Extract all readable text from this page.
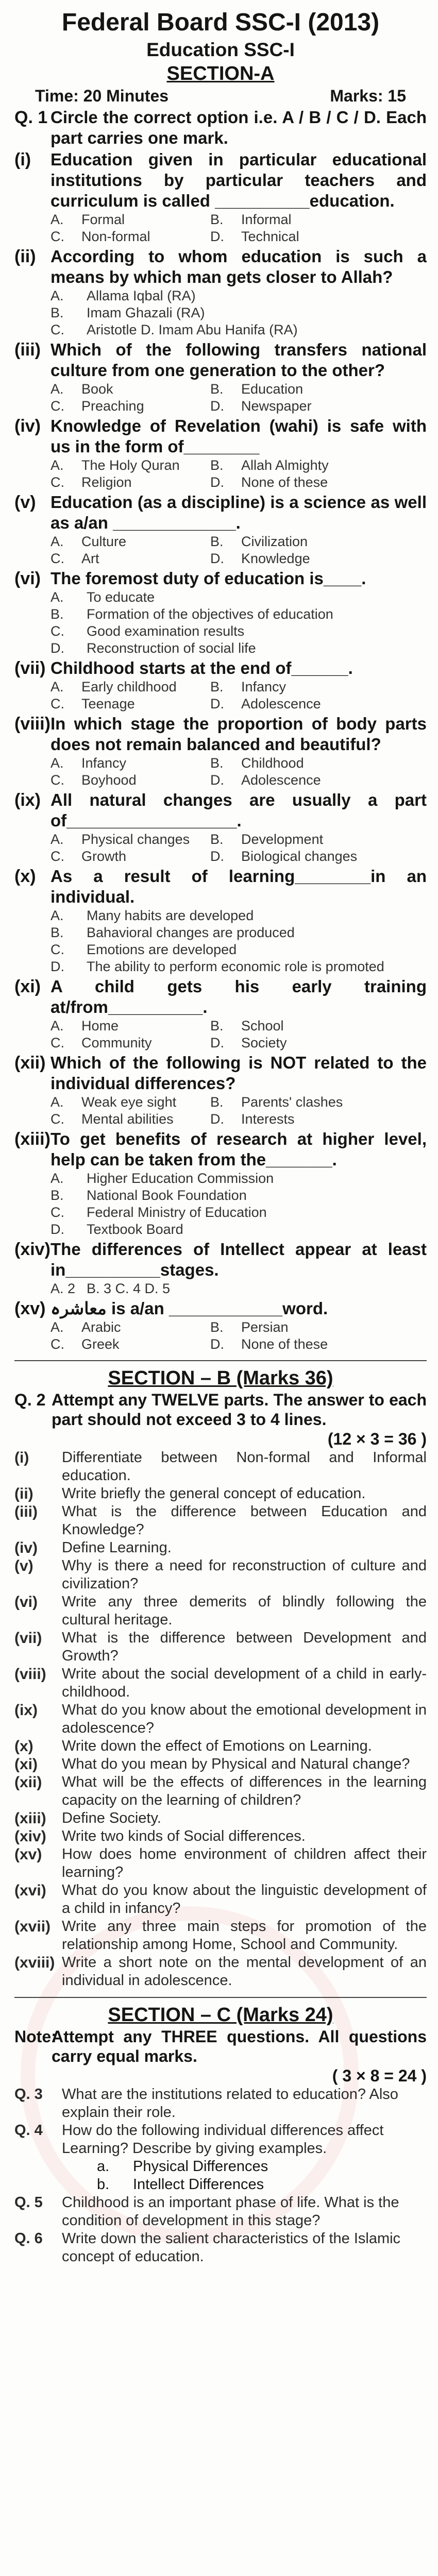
Federal Board SSC-I (2013)
Education SSC-I
SECTION-A
Time: 20 Minutes	Marks: 15
Q. 1 Circle the correct option i.e. A / B / C / D. Each part carries one mark.
(i)	Education given in particular educational institutions by particular teachers and curriculum is called __________education.
A.	Formal	B.	Informal
C.	Non-formal	D.	Technical
(ii) According to whom education is such a means by which man gets closer to Allah?
A.	Allama Iqbal (RA)
B.	Imam Ghazali (RA)
C.	Aristotle D. Imam Abu Hanifa (RA)
(iii) Which of the following transfers national culture from one generation to the other?
A.	Book	B.	Education
C.	Preaching	D.	Newspaper
(iv) Knowledge of Revelation (wahi) is safe with us in the form of________
A.	The Holy Quran	B.	Allah Almighty
C.	Religion	D.	None of these
(v) Education (as a discipline) is a science as well as a/an _____________.
A.	Culture	B.	Civilization
C.	Art	D.	Knowledge
(vi) The foremost duty of education is____.
A.	To educate
B.	Formation of the objectives of education
C.	Good examination results
D.	Reconstruction of social life
(vii) Childhood starts at the end of______.
A.	Early childhood	B.	Infancy
C.	Teenage	D.	Adolescence
(viii) In which stage the proportion of body parts does not remain balanced and beautiful?
A.	Infancy	B.	Childhood
C.	Boyhood	D.	Adolescence
(ix) All natural changes are usually a part of__________________.
A.	Physical changes	B.	Development
C.	Growth	D.	Biological changes
(x) As a result of learning________in an individual.
A.	Many habits are developed
B.	Bahavioral changes are produced
C.	Emotions are developed
D.	The ability to perform economic role is promoted
(xi) A child gets his early training at/from__________.
A.	Home	B.	School
C.	Community	D.	Society
(xii) Which of the following is NOT related to the individual differences?
A.	Weak eye sight	B.	Parents' clashes
C.	Mental abilities	D.	Interests
(xiii) To get benefits of research at higher level, help can be taken from the_______.
A.	Higher Education Commission
B.	National Book Foundation
C.	Federal Ministry of Education
D.	Textbook Board
(xiv) The differences of Intellect appear at least in__________stages.
A. 2 B. 3 C. 4 D. 5
(xv) معاشرہ is a/an ____________word.
A.	Arabic	B.	Persian
C.	Greek	D.	None of these
SECTION – B (Marks 36)
Q. 2 Attempt any TWELVE parts. The answer to each part should not exceed 3 to 4 lines.
(12 × 3 = 36 )
(i)	Differentiate between Non-formal and Informal education.
(ii)	Write briefly the general concept of education.
(iii)	What is the difference between Education and Knowledge?
(iv)	Define Learning.
(v)	Why is there a need for reconstruction of culture and civilization?
(vi)	Write any three demerits of blindly following the cultural heritage.
(vii)	What is the difference between Development and Growth?
(viii)	Write about the social development of a child in early-childhood.
(ix)	What do you know about the emotional development in adolescence?
(x)	Write down the effect of Emotions on Learning.
(xi)	What do you mean by Physical and Natural change?
(xii)	What will be the effects of differences in the learning capacity on the learning of children?
(xiii)	Define Society.
(xiv)	Write two kinds of Social differences.
(xv)	How does home environment of children affect their learning?
(xvi)	What do you know about the linguistic development of a child in infancy?
(xvii) Write any three main steps for promotion of the relationship among Home, School and Community.
(xviii) Write a short note on the mental development of an individual in adolescence.
SECTION – C (Marks 24)
Note:
Attempt any THREE questions. All questions carry equal marks.
( 3 × 8 = 24 )
Q. 3	What are the institutions related to education? Also explain their role.
Q. 4	How do the following individual differences affect Learning? Describe by giving examples.
a.	Physical Differences
b.	Intellect Differences
Q. 5	Childhood is an important phase of life. What is the condition of development in this stage?
Q. 6	Write down the salient characteristics of the Islamic concept of education.
